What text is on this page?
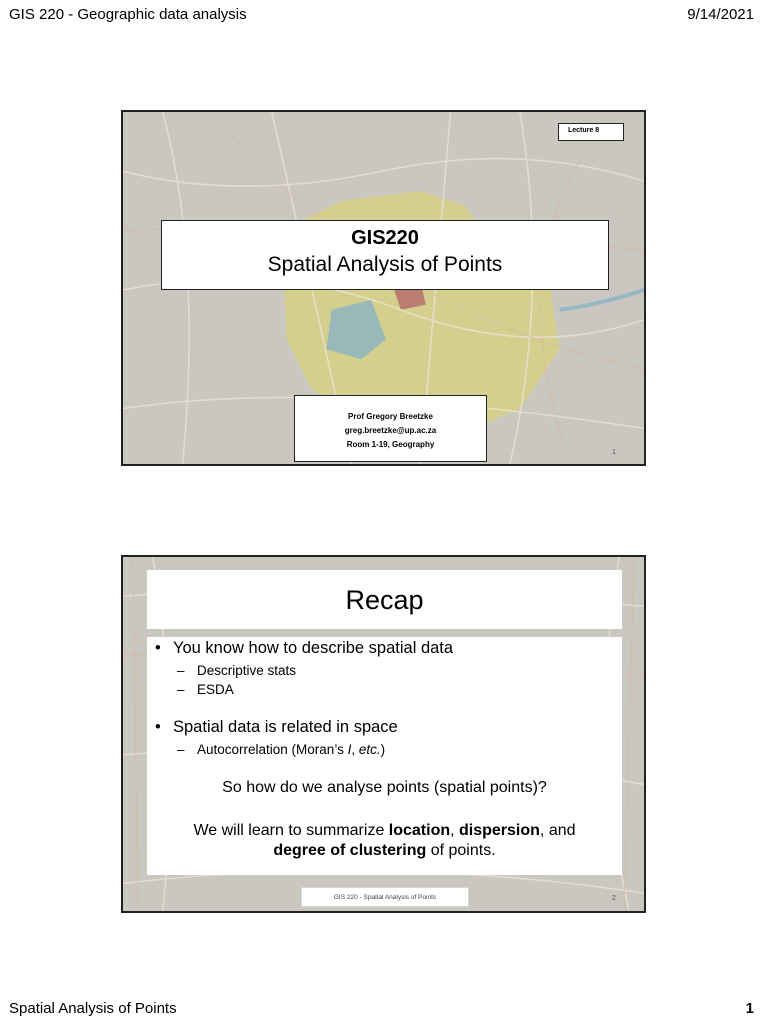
GIS 220 - Geographic data analysis	9/14/2021
Lecture 8
GIS220
Spatial Analysis of Points
Prof Gregory Breetzke
greg.breetzke@up.ac.za
Room 1-19, Geography
1
Recap
• You know how to describe spatial data
– Descriptive stats
– ESDA
• Spatial data is related in space
– Autocorrelation (Moran’s I, etc.)
So how do we analyse points (spatial points)?
We will learn to summarize location, dispersion, and
degree of clustering of points.
GIS 220 - Spatial Analysis of Points	2
Spatial Analysis of Points	1
